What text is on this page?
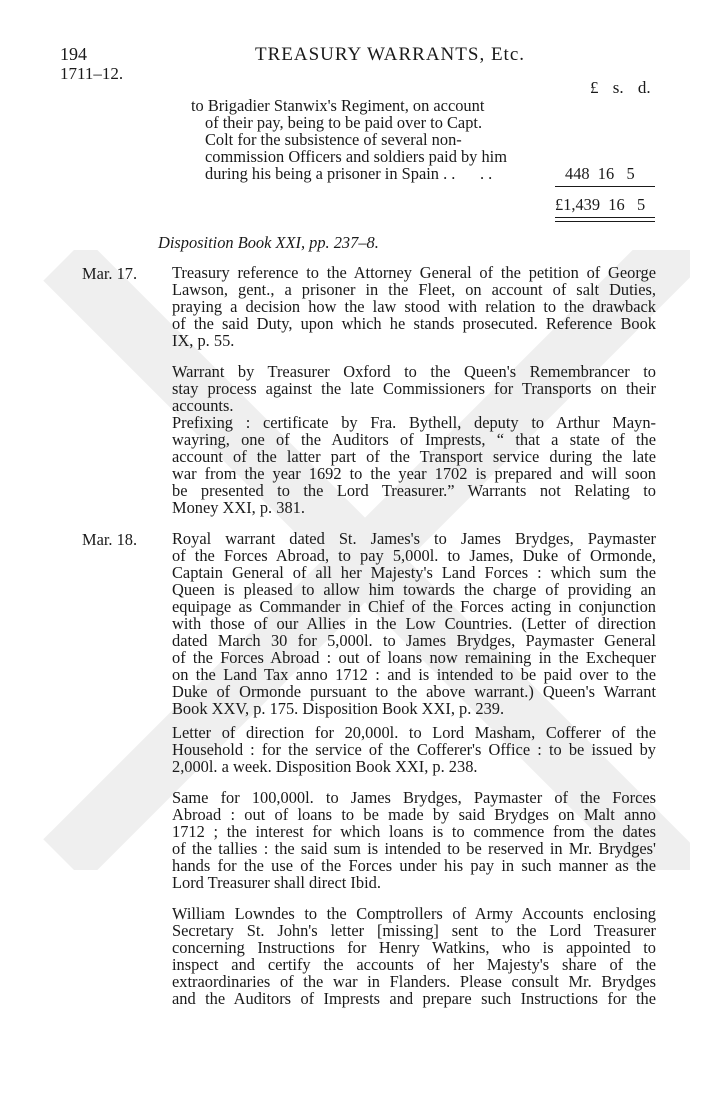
194
1711–12.
TREASURY WARRANTS, Etc.
£ s. d.
to Brigadier Stanwix's Regiment, on account
of their pay, being to be paid over to Capt.
Colt for the subsistence of several non-
commission Officers and soldiers paid by him
during his being a prisoner in Spain . .      . .	448  16   5
£1,439  16   5
Disposition Book XXI, pp. 237–8.
Mar. 17. Treasury reference to the Attorney General of the petition of George
Lawson, gent., a prisoner in the Fleet, on account of salt Duties,
praying a decision how the law stood with relation to the drawback
of the said Duty, upon which he stands prosecuted. Reference Book
IX, p. 55.
Warrant by Treasurer Oxford to the Queen's Remembrancer to
stay process against the late Commissioners for Transports on their
accounts.
Prefixing : certificate by Fra. Bythell, deputy to Arthur Mayn-
wayring, one of the Auditors of Imprests, “ that a state of the
account of the latter part of the Transport service during the late
war from the year 1692 to the year 1702 is prepared and will soon
be presented to the Lord Treasurer.” Warrants not Relating to
Money XXI, p. 381.
Mar. 18. Royal warrant dated St. James's to James Brydges, Paymaster
of the Forces Abroad, to pay 5,000l. to James, Duke of Ormonde,
Captain General of all her Majesty's Land Forces : which sum the
Queen is pleased to allow him towards the charge of providing an
equipage as Commander in Chief of the Forces acting in conjunction
with those of our Allies in the Low Countries. (Letter of direction
dated March 30 for 5,000l. to James Brydges, Paymaster General
of the Forces Abroad : out of loans now remaining in the Exchequer
on the Land Tax anno 1712 : and is intended to be paid over to the
Duke of Ormonde pursuant to the above warrant.) Queen's Warrant
Book XXV, p. 175. Disposition Book XXI, p. 239.
Letter of direction for 20,000l. to Lord Masham, Cofferer of the
Household : for the service of the Cofferer's Office : to be issued by
2,000l. a week. Disposition Book XXI, p. 238.
Same for 100,000l. to James Brydges, Paymaster of the Forces
Abroad : out of loans to be made by said Brydges on Malt anno
1712 ; the interest for which loans is to commence from the dates
of the tallies : the said sum is intended to be reserved in Mr. Brydges'
hands for the use of the Forces under his pay in such manner as the
Lord Treasurer shall direct Ibid.
William Lowndes to the Comptrollers of Army Accounts enclosing
Secretary St. John's letter [missing] sent to the Lord Treasurer
concerning Instructions for Henry Watkins, who is appointed to
inspect and certify the accounts of her Majesty's share of the
extraordinaries of the war in Flanders. Please consult Mr. Brydges
and the Auditors of Imprests and prepare such Instructions for the
